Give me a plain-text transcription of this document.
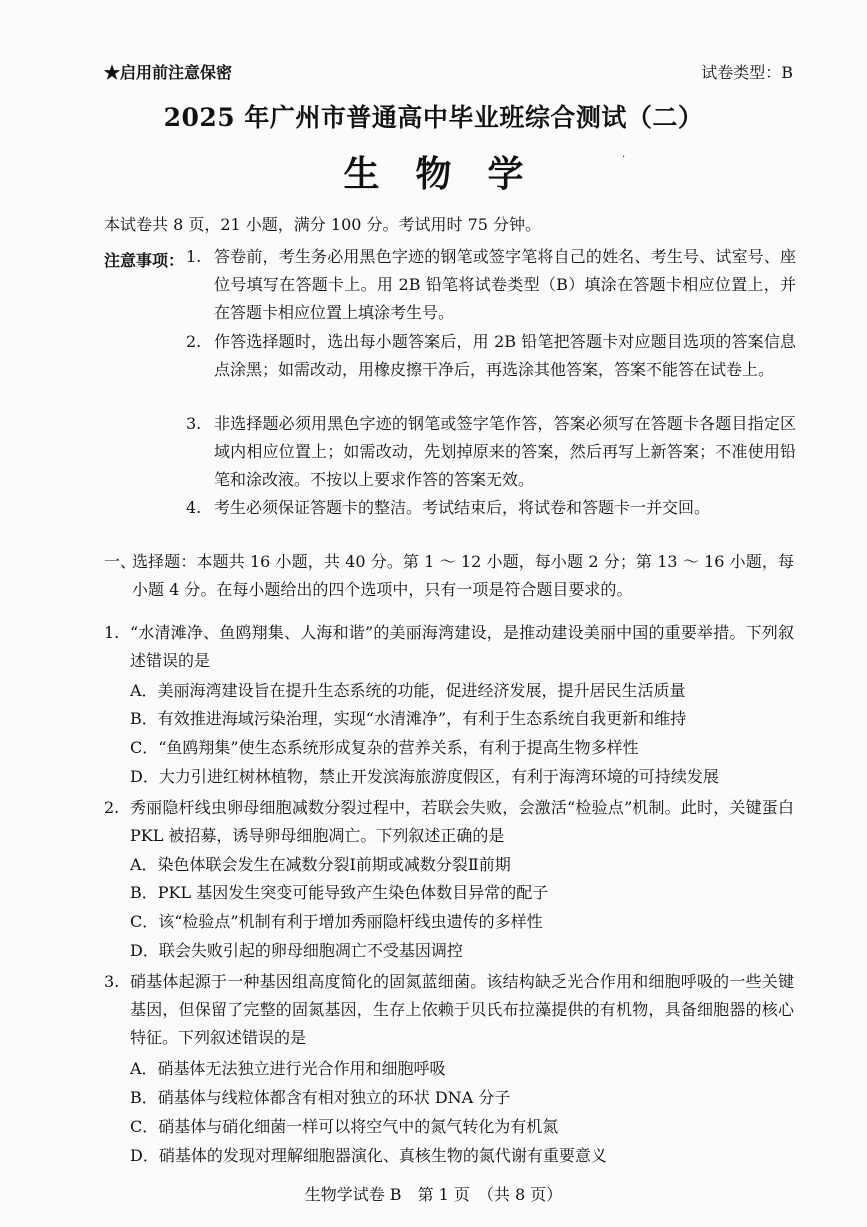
★启用前注意保密	试卷类型：B
2025 年广州市普通高中毕业班综合测试（二）
生物学	·
本试卷共 8 页，21 小题，满分 100 分。考试用时 75 分钟。
注意事项： 1. 答卷前，考生务必用黑色字迹的钢笔或签字笔将自己的姓名、考生号、试室号、座位号填写在答题卡上。用 2B 铅笔将试卷类型（B）填涂在答题卡相应位置上，并在答题卡相应位置上填涂考生号。
2. 作答选择题时，选出每小题答案后，用 2B 铅笔把答题卡对应题目选项的答案信息点涂黑；如需改动，用橡皮擦干净后，再选涂其他答案，答案不能答在试卷上。
3. 非选择题必须用黑色字迹的钢笔或签字笔作答，答案必须写在答题卡各题目指定区域内相应位置上；如需改动，先划掉原来的答案，然后再写上新答案；不准使用铅笔和涂改液。不按以上要求作答的答案无效。
4. 考生必须保证答题卡的整洁。考试结束后，将试卷和答题卡一并交回。
一、
选择题：本题共 16 小题，共 40 分。第 1 ～ 12 小题，每小题 2 分；第 13 ～ 16 小题，每小题 4 分。在每小题给出的四个选项中，只有一项是符合题目要求的。
1. “水清滩净、鱼鸥翔集、人海和谐”的美丽海湾建设，是推动建设美丽中国的重要举措。下列叙述错误的是
A．美丽海湾建设旨在提升生态系统的功能，促进经济发展，提升居民生活质量
B．有效推进海域污染治理，实现“水清滩净”，有利于生态系统自我更新和维持
C．“鱼鸥翔集”使生态系统形成复杂的营养关系，有利于提高生物多样性
D．大力引进红树林植物，禁止开发滨海旅游度假区，有利于海湾环境的可持续发展
2. 秀丽隐杆线虫卵母细胞减数分裂过程中，若联会失败，会激活“检验点”机制。此时，关键蛋白 PKL 被招募，诱导卵母细胞凋亡。下列叙述正确的是
A．染色体联会发生在减数分裂Ⅰ前期或减数分裂Ⅱ前期
B．PKL 基因发生突变可能导致产生染色体数目异常的配子
C．该“检验点”机制有利于增加秀丽隐杆线虫遗传的多样性
D．联会失败引起的卵母细胞凋亡不受基因调控
3. 硝基体起源于一种基因组高度简化的固氮蓝细菌。该结构缺乏光合作用和细胞呼吸的一些关键基因，但保留了完整的固氮基因，生存上依赖于贝氏布拉藻提供的有机物，具备细胞器的核心特征。下列叙述错误的是
A．硝基体无法独立进行光合作用和细胞呼吸
B．硝基体与线粒体都含有相对独立的环状 DNA 分子
C．硝基体与硝化细菌一样可以将空气中的氮气转化为有机氮
D．硝基体的发现对理解细胞器演化、真核生物的氮代谢有重要意义
生物学试卷 B　第 1 页　（共 8 页）
